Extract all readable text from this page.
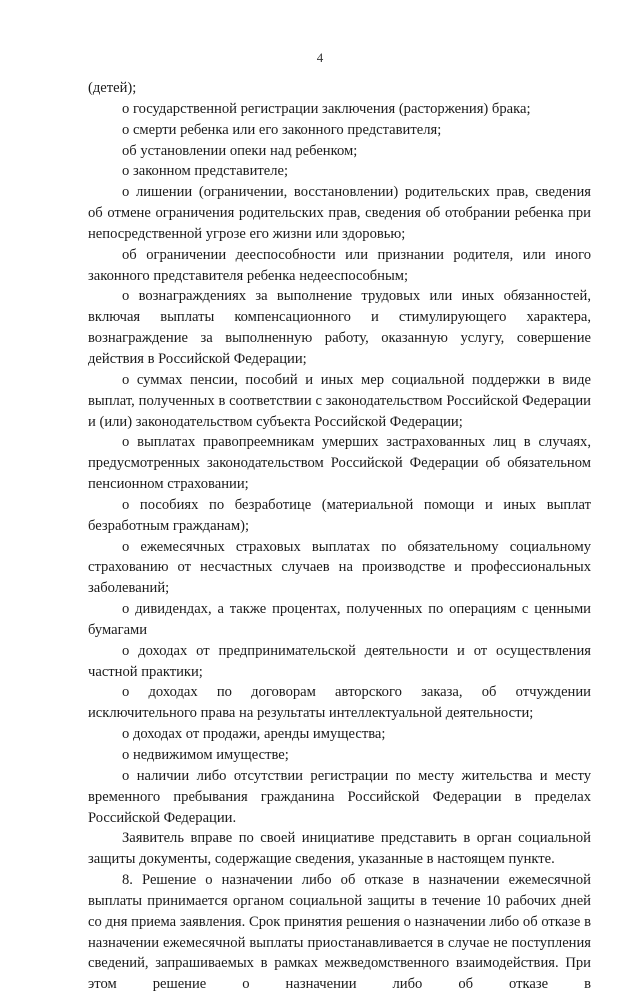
4

(детей);

о государственной регистрации заключения (расторжения) брака;

о смерти ребенка или его законного представителя;

об установлении опеки над ребенком;

о законном представителе;

о лишении (ограничении, восстановлении) родительских прав, сведения об отмене ограничения родительских прав, сведения об отобрании ребенка при непосредственной угрозе его жизни или здоровью;

об ограничении дееспособности или признании родителя, или иного законного представителя ребенка недееспособным;

о вознаграждениях за выполнение трудовых или иных обязанностей, включая выплаты компенсационного и стимулирующего характера, вознаграждение за выполненную работу, оказанную услугу, совершение действия в Российской Федерации;

о суммах пенсии, пособий и иных мер социальной поддержки в виде выплат, полученных в соответствии с законодательством Российской Федерации и (или) законодательством субъекта Российской Федерации;

о выплатах правопреемникам умерших застрахованных лиц в случаях, предусмотренных законодательством Российской Федерации об обязательном пенсионном страховании;

о пособиях по безработице (материальной помощи и иных выплат безработным гражданам);

о ежемесячных страховых выплатах по обязательному социальному страхованию от несчастных случаев на производстве и профессиональных заболеваний;

о дивидендах, а также процентах, полученных по операциям с ценными бумагами

о доходах от предпринимательской деятельности и от осуществления частной практики;

о доходах по договорам авторского заказа, об отчуждении исключительного права на результаты интеллектуальной деятельности;

о доходах от продажи, аренды имущества;

о недвижимом имуществе;

о наличии либо отсутствии регистрации по месту жительства и месту временного пребывания гражданина Российской Федерации в пределах Российской Федерации.

Заявитель вправе по своей инициативе представить в орган социальной защиты документы, содержащие сведения, указанные в настоящем пункте.

8. Решение о назначении либо об отказе в назначении ежемесячной выплаты принимается органом социальной защиты в течение 10 рабочих дней со дня приема заявления. Срок принятия решения о назначении либо об отказе в назначении ежемесячной выплаты приостанавливается в случае не поступления сведений, запрашиваемых в рамках межведомственного взаимодействия. При этом решение о назначении либо об отказе в
